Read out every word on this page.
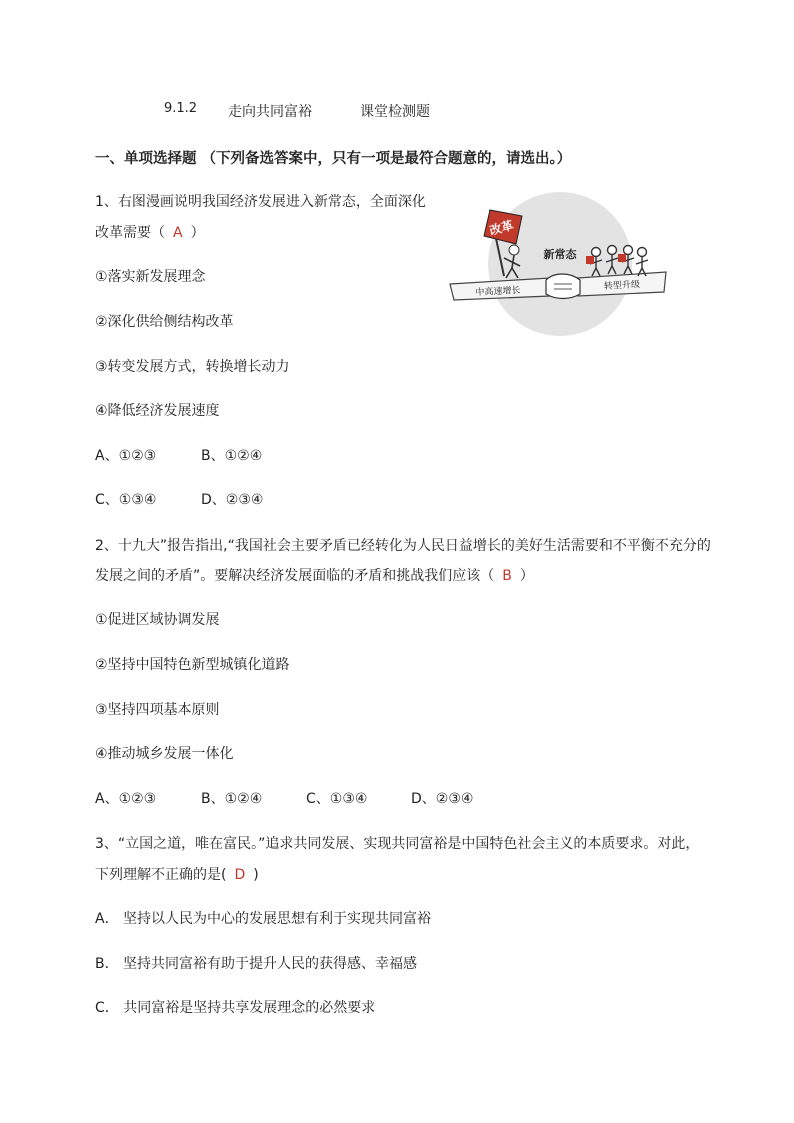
9.1.2 走向共同富裕	课堂检测题
一、单项选择题 （下列备选答案中，只有一项是最符合题意的，请选出。）
1、右图漫画说明我国经济发展进入新常态，全面深化
改革需要（ A ）
①落实新发展理念
②深化供给侧结构改革
③转变发展方式，转换增长动力
④降低经济发展速度
A、①②③	B、①②④
C、①③④	D、②③④
改革
新常态
中高速增长	转型升级
2、十九大”报告指出,“我国社会主要矛盾已经转化为人民日益增长的美好生活需要和不平衡不充分的
发展之间的矛盾”。要解决经济发展面临的矛盾和挑战我们应该（ B ）
①促进区域协调发展
②坚持中国特色新型城镇化道路
③坚持四项基本原则
④推动城乡发展一体化
A、①②③	B、①②④	C、①③④	D、②③④
3、“立国之道，唯在富民。”追求共同发展、实现共同富裕是中国特色社会主义的本质要求。对此，
下列理解不正确的是( D )
A． 坚持以人民为中心的发展思想有利于实现共同富裕
B． 坚持共同富裕有助于提升人民的获得感、幸福感
C． 共同富裕是坚持共享发展理念的必然要求
